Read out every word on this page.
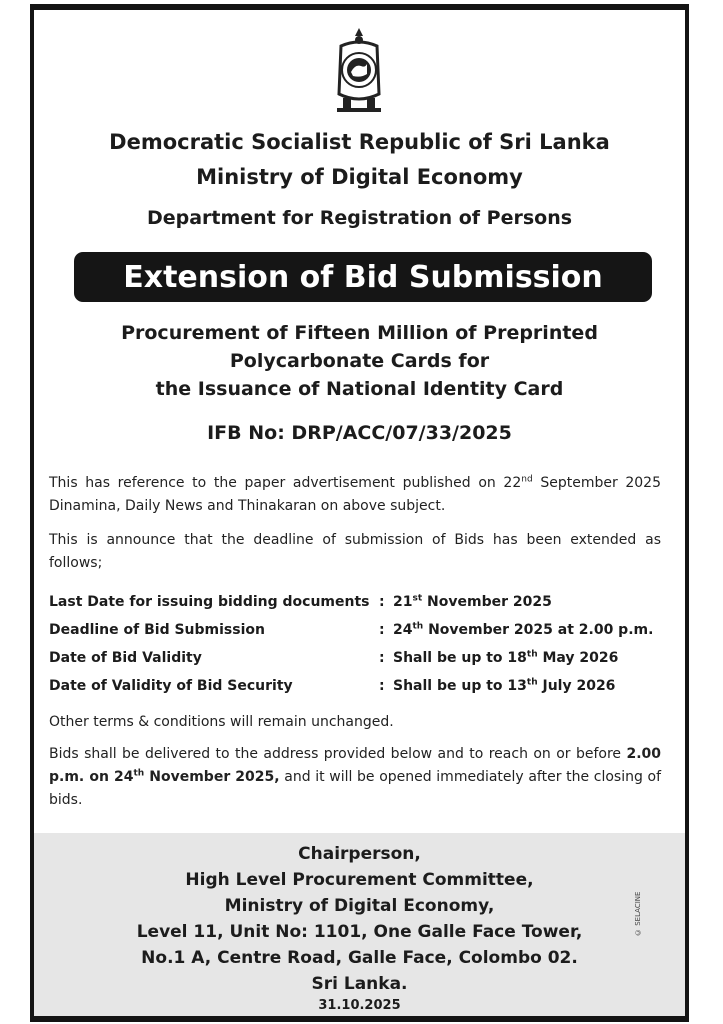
Democratic Socialist Republic of Sri Lanka
Ministry of Digital Economy
Department for Registration of Persons
Extension of Bid Submission
Procurement of Fifteen Million of Preprinted
Polycarbonate Cards for
the Issuance of National Identity Card
IFB No: DRP/ACC/07/33/2025
This has reference to the paper advertisement published on 22nd September 2025 Dinamina, Daily News and Thinakaran on above subject.
This is announce that the deadline of submission of Bids has been extended as follows;
Last Date for issuing bidding documents : 21st November 2025
Deadline of Bid Submission	: 24th November 2025 at 2.00 p.m.
Date of Bid Validity	: Shall be up to 18th May 2026
Date of Validity of Bid Security	: Shall be up to 13th July 2026
Other terms & conditions will remain unchanged.
Bids shall be delivered to the address provided below and to reach on or before 2.00 p.m. on 24th November 2025, and it will be opened immediately after the closing of bids.
Chairperson,
High Level Procurement Committee,
Ministry of Digital Economy,
Level 11, Unit No: 1101, One Galle Face Tower,
No.1 A, Centre Road, Galle Face, Colombo 02.
Sri Lanka.
31.10.2025
© SELACINE
